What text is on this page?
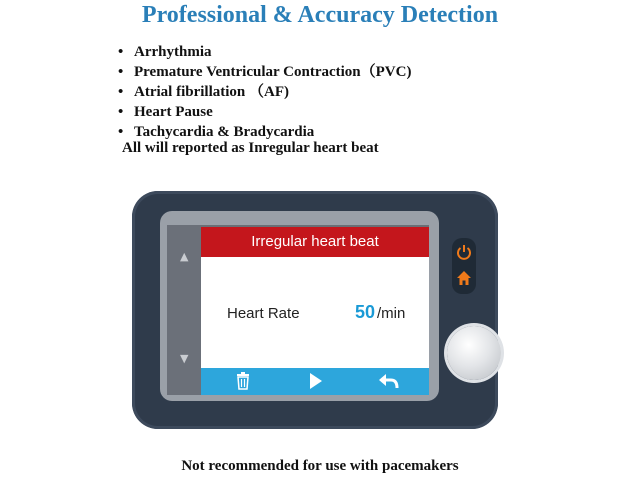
Professional & Accuracy Detection
• Arrhythmia
• Premature Ventricular Contraction（PVC)
• Atrial fibrillation （AF)
• Heart Pause
• Tachycardia & Bradycardia
All will reported as Inregular heart beat
▲
▼
Irregular heart beat
Heart Rate	50 /min
Not recommended for use with pacemakers
